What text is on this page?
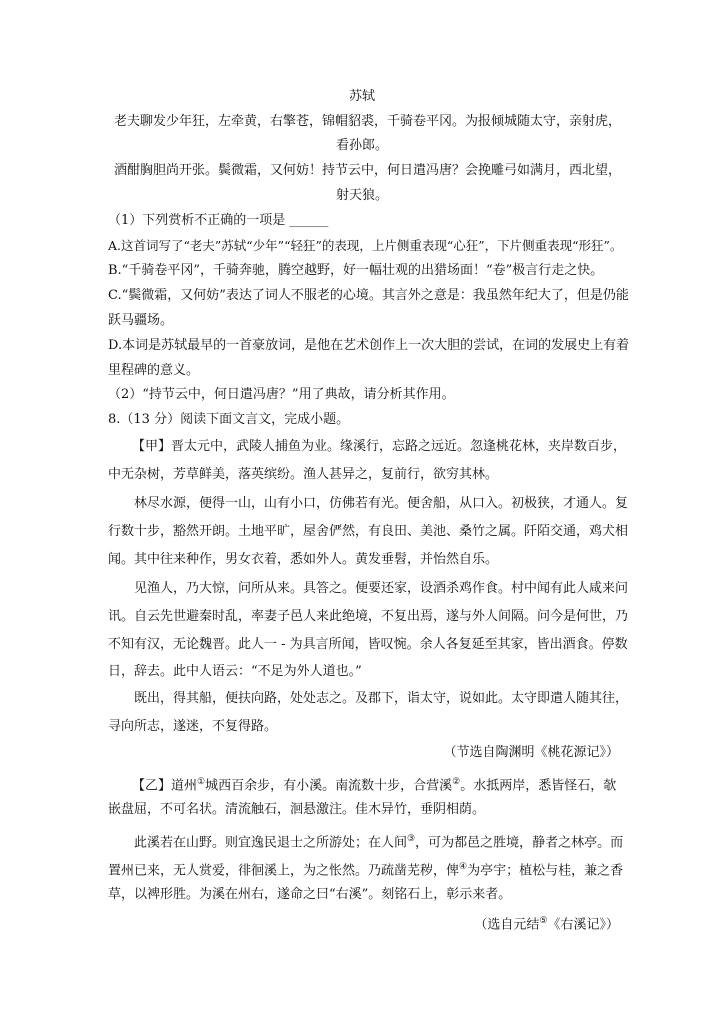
苏轼
老夫聊发少年狂，左牵黄，右擎苍，锦帽貂裘，千骑卷平冈。为报倾城随太守，亲射虎，
看孙郎。
酒酣胸胆尚开张。鬓微霜，又何妨！持节云中，何日遣冯唐？会挽雕弓如满月，西北望，
射天狼。
（1）下列赏析不正确的一项是 ______
A.这首词写了“老夫”苏轼“少年”“轻狂”的表现，上片侧重表现“心狂”，下片侧重表现“形狂”。
B.“千骑卷平冈”，千骑奔驰，腾空越野，好一幅壮观的出猎场面！“卷”极言行走之快。
C.“鬓微霜，又何妨”表达了词人不服老的心境。其言外之意是：我虽然年纪大了，但是仍能
跃马疆场。
D.本词是苏轼最早的一首豪放词，是他在艺术创作上一次大胆的尝试，在词的发展史上有着
里程碑的意义。
（2）“持节云中，何日遣冯唐？”用了典故，请分析其作用。
8.（13 分）阅读下面文言文，完成小题。
【甲】晋太元中，武陵人捕鱼为业。缘溪行，忘路之远近。忽逢桃花林，夹岸数百步，
中无杂树，芳草鲜美，落英缤纷。渔人甚异之，复前行，欲穷其林。
林尽水源，便得一山，山有小口，仿佛若有光。便舍船，从口入。初极狭，才通人。复
行数十步，豁然开朗。土地平旷，屋舍俨然，有良田、美池、桑竹之属。阡陌交通，鸡犬相
闻。其中往来种作，男女衣着，悉如外人。黄发垂髫，并怡然自乐。
见渔人，乃大惊，问所从来。具答之。便要还家，设酒杀鸡作食。村中闻有此人咸来问
讯。自云先世避秦时乱，率妻子邑人来此绝境，不复出焉，遂与外人间隔。问今是何世，乃
不知有汉，无论魏晋。此人一 - 为具言所闻，皆叹惋。余人各复延至其家，皆出酒食。停数
日，辞去。此中人语云：“不足为外人道也。”
既出，得其船，便扶向路，处处志之。及郡下，诣太守，说如此。太守即遣人随其往，
寻向所志，遂迷，不复得路。
（节选自陶渊明《桃花源记》）
【乙】道州①城西百余步，有小溪。南流数十步，合营溪②。水抵两岸，悉皆怪石，欹
嵌盘屈，不可名状。清流触石，洄悬激注。佳木异竹，垂阴相荫。
此溪若在山野。则宜逸民退士之所游处；在人间③，可为都邑之胜境，静者之林亭。而
置州已来，无人赏爱，徘徊溪上，为之怅然。乃疏凿芜秽，俾④为亭宇；植松与桂，兼之香
草，以裨形胜。为溪在州右，遂命之曰“右溪”。刻铭石上，彰示来者。
（选自元结⑤《右溪记》）
